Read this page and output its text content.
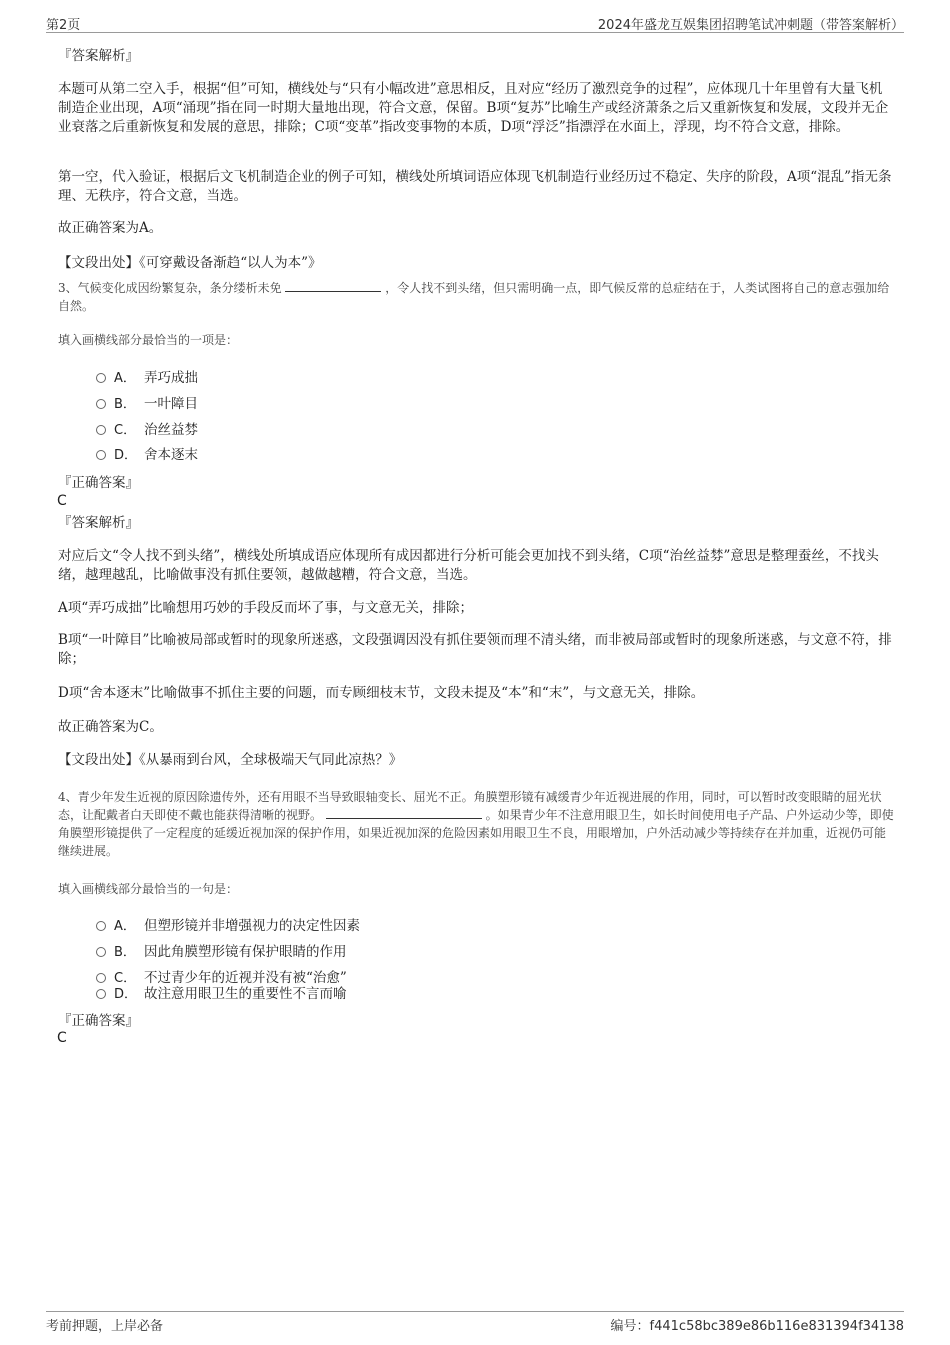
第2页	2024年盛龙互娱集团招聘笔试冲刺题（带答案解析）
『答案解析』

本题可从第二空入手，根据“但”可知，横线处与“只有小幅改进”意思相反，且对应“经历了激烈竞争的过程”，应体现几十年里曾有大量飞机制造企业出现，A项“涌现”指在同一时期大量地出现，符合文意，保留。B项“复苏”比喻生产或经济萧条之后又重新恢复和发展，文段并无企业衰落之后重新恢复和发展的意思，排除；C项“变革”指改变事物的本质，D项“浮泛”指漂浮在水面上，浮现，均不符合文意，排除。

第一空，代入验证，根据后文飞机制造企业的例子可知，横线处所填词语应体现飞机制造行业经历过不稳定、失序的阶段，A项“混乱”指无条理、无秩序，符合文意，当选。

故正确答案为A。
【文段出处】《可穿戴设备渐趋“以人为本”》

3、气候变化成因纷繁复杂，条分缕析未免	，令人找不到头绪，但只需明确一点，即气候反常的总症结在于，人类试图将自己的意志强加给自然。

填入画横线部分最恰当的一项是：
A． 弄巧成拙
B． 一叶障目
C． 治丝益棼
D． 舍本逐末
『正确答案』
C
『答案解析』

对应后文“令人找不到头绪”，横线处所填成语应体现所有成因都进行分析可能会更加找不到头绪，C项“治丝益棼”意思是整理蚕丝，不找头绪，越理越乱，比喻做事没有抓住要领，越做越糟，符合文意，当选。

A项“弄巧成拙”比喻想用巧妙的手段反而坏了事，与文意无关，排除；

B项“一叶障目”比喻被局部或暂时的现象所迷惑，文段强调因没有抓住要领而理不清头绪，而非被局部或暂时的现象所迷惑，与文意不符，排除；

D项“舍本逐末”比喻做事不抓住主要的问题，而专顾细枝末节，文段未提及“本”和“末”，与文意无关，排除。

故正确答案为C。
【文段出处】《从暴雨到台风，全球极端天气同此凉热？》

4、青少年发生近视的原因除遗传外，还有用眼不当导致眼轴变长、屈光不正。角膜塑形镜有减缓青少年近视进展的作用，同时，可以暂时改变眼睛的屈光状态，让配戴者白天即使不戴也能获得清晰的视野。	。如果青少年不注意用眼卫生，如长时间使用电子产品、户外运动少等，即使角膜塑形镜提供了一定程度的延缓近视加深的保护作用，如果近视加深的危险因素如用眼卫生不良，用眼增加，户外活动减少等持续存在并加重，近视仍可能继续进展。

填入画横线部分最恰当的一句是：
A． 但塑形镜并非增强视力的决定性因素
B． 因此角膜塑形镜有保护眼睛的作用
C． 不过青少年的近视并没有被“治愈”
D． 故注意用眼卫生的重要性不言而喻
『正确答案』
C
考前押题，上岸必备	编号：f441c58bc389e86b116e831394f34138
